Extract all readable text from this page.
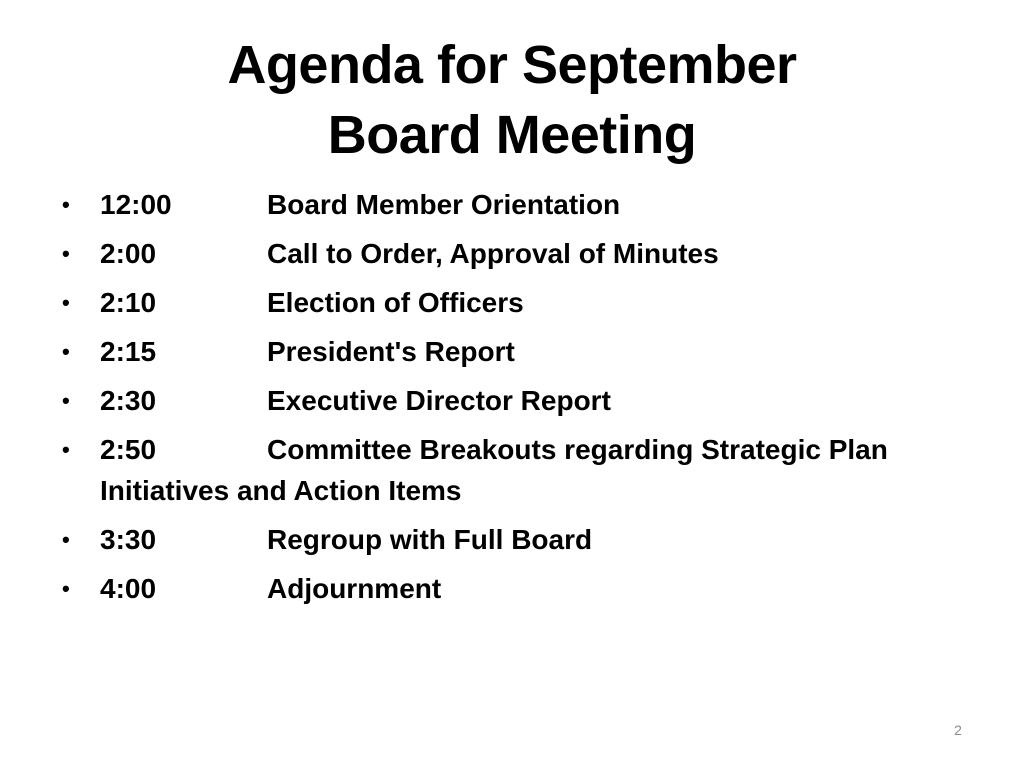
Agenda for September
Board Meeting
• 12:00	Board Member Orientation
• 2:00	Call to Order, Approval of Minutes
• 2:10	Election of Officers
• 2:15	President's Report
• 2:30	Executive Director Report
• 2:50	Committee Breakouts regarding Strategic Plan Initiatives and Action Items
• 3:30	Regroup with Full Board
• 4:00	Adjournment
2
